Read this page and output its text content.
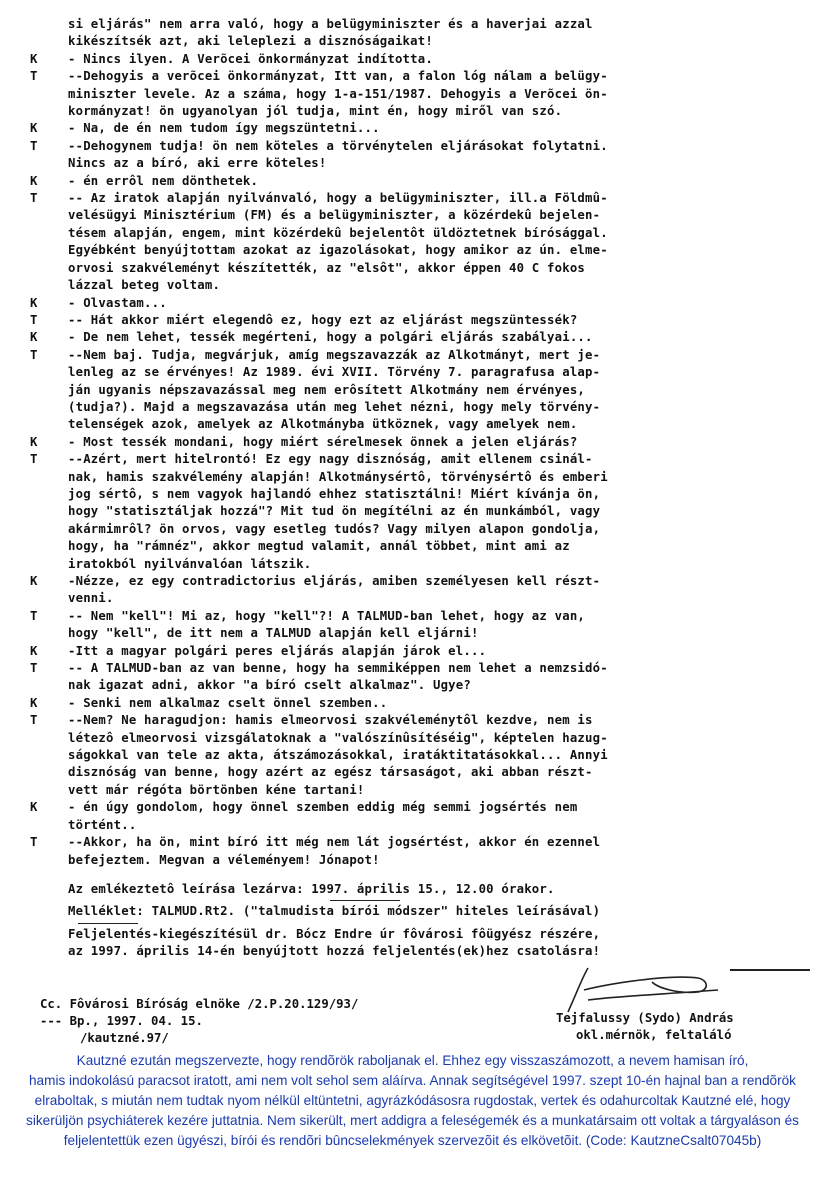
si eljárás" nem arra való, hogy a belügyminiszter és a haverjai azzal
kikészítsék azt, aki leleplezi a disznóságaikat!
K	- Nincs ilyen. A Verõcei önkormányzat indította.
T	--Dehogyis a verõcei önkormányzat, Itt van, a falon lóg nálam a belügy-
miniszter levele. Az a száma, hogy 1-a-151/1987. Dehogyis a Verõcei ön-
kormányzat! ön ugyanolyan jól tudja, mint én, hogy miről van szó.
K	- Na, de én nem tudom így megszüntetni...
T	--Dehogynem tudja! ön nem köteles a törvénytelen eljárásokat folytatni.
Nincs az a bíró, aki erre köteles!
K	- én errôl nem dönthetek.
T	-- Az iratok alapján nyilvánvaló, hogy a belügyminiszter, ill.a Földmû-
velésügyi Minisztérium (FM) és a belügyminiszter, a közérdekû bejelen-
tésem alapján, engem, mint közérdekû bejelentôt üldöztetnek bírósággal.
Egyébként benyújtottam azokat az igazolásokat, hogy amikor az ún. elme-
orvosi szakvéleményt készítették, az "elsôt", akkor éppen 40 C fokos
lázzal beteg voltam.
K	- Olvastam...
T	-- Hát akkor miért elegendô ez, hogy ezt az eljárást megszüntessék?
K	- De nem lehet, tessék megérteni, hogy a polgári eljárás szabályai...
T	--Nem baj. Tudja, megvárjuk, amíg megszavazzák az Alkotmányt, mert je-
lenleg az se érvényes! Az 1989. évi XVII. Törvény 7. paragrafusa alap-
ján ugyanis népszavazással meg nem erôsített Alkotmány nem érvényes,
(tudja?). Majd a megszavazása után meg lehet nézni, hogy mely törvény-
telenségek azok, amelyek az Alkotmányba ütköznek, vagy amelyek nem.
K	- Most tessék mondani, hogy miért sérelmesek önnek a jelen eljárás?
T	--Azért, mert hitelrontó! Ez egy nagy disznóság, amit ellenem csinál-
nak, hamis szakvélemény alapján! Alkotmánysértô, törvénysértô és emberi
jog sértô, s nem vagyok hajlandó ehhez statisztálni! Miért kívánja ön,
hogy "statisztáljak hozzá"? Mit tud ön megítélni az én munkámból, vagy
akármimrôl? ön orvos, vagy esetleg tudós? Vagy milyen alapon gondolja,
hogy, ha "rámnéz", akkor megtud valamit, annál többet, mint ami az
iratokból nyilvánvalóan látszik.
K	-Nézze, ez egy contradictorius eljárás, amiben személyesen kell részt-
venni.
T	-- Nem "kell"! Mi az, hogy "kell"?! A TALMUD-ban lehet, hogy az van,
hogy "kell", de itt nem a TALMUD alapján kell eljárni!
K	-Itt a magyar polgári peres eljárás alapján járok el...
T	-- A TALMUD-ban az van benne, hogy ha semmiképpen nem lehet a nemzsidó-
nak igazat adni, akkor "a bíró cselt alkalmaz". Ugye?
K	- Senki nem alkalmaz cselt önnel szemben..
T	--Nem? Ne haragudjon: hamis elmeorvosi szakvéleménytôl kezdve, nem is
létezô elmeorvosi vizsgálatoknak a "valószínûsítéséig", képtelen hazug-
ságokkal van tele az akta, átszámozásokkal, iratáktitatásokkal... Annyi
disznóság van benne, hogy azért az egész társaságot, aki abban részt-
vett már régóta börtönben kéne tartani!
K	- én úgy gondolom, hogy önnel szemben eddig még semmi jogsértés nem
történt..
T	--Akkor, ha ön, mint bíró itt még nem lát jogsértést, akkor én ezennel
befejeztem. Megvan a véleményem! Jónapot!
Az emlékeztetô leírása lezárva: 1997. április 15., 12.00 órakor.
Melléklet: TALMUD.Rt2. ("talmudista bírói módszer" hiteles leírásával)
Feljelentés-kiegészítésül dr. Bócz Endre úr fôvárosi fôügyész részére,
az 1997. április 14-én benyújtott hozzá feljelentés(ek)hez csatolásra!
Cc. Fôvárosi Bíróság elnöke /2.P.20.129/93/
--- Bp., 1997. 04. 15.
/kautzné.97/
Tejfalussy (Sydo) András
okl.mérnök, feltaláló
Kautzné ezután megszervezte, hogy rendõrök raboljanak el. Ehhez egy visszaszámozott, a nevem hamisan író,
hamis indokolású paracsot iratott, ami nem volt sehol sem aláírva. Annak segítségével 1997. szept 10-én hajnal ban a rendõrök
elraboltak, s miután nem tudtak nyom nélkül eltüntetni, agyrázkódásosra rugdostak, vertek és odahurcoltak Kautzné elé, hogy
sikerüljön psychiáterek kezére juttatnia. Nem sikerült, mert addigra a feleségemék és a munkatársaim ott voltak a tárgyaláson és
feljelentettük ezen ügyészi, bírói és rendõri bûncselekmények szervezõit és elkövetõit. (Code: KautzneCsalt07045b)
